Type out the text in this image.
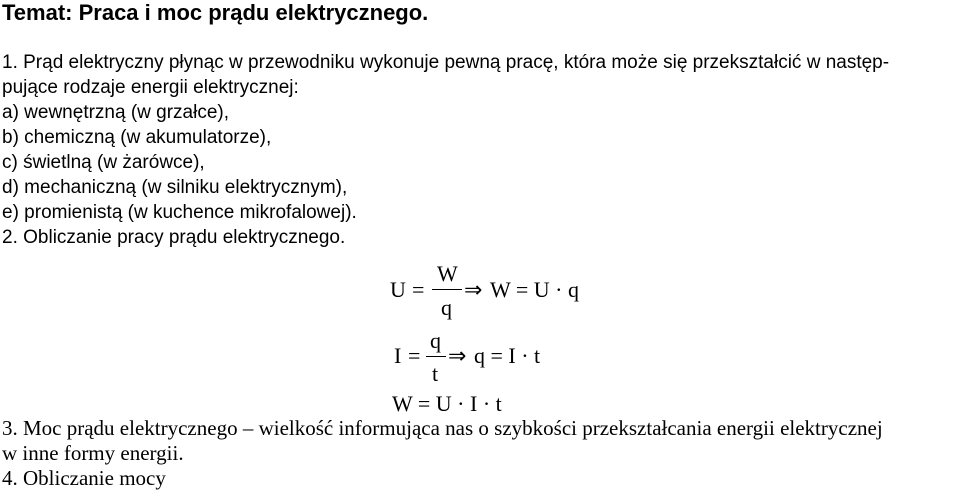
Temat: Praca i moc prądu elektrycznego.
1. Prąd elektryczny płynąc w przewodniku wykonuje pewną pracę, która może się przekształcić w następ-
pujące rodzaje energii elektrycznej:
a) wewnętrzną (w grzałce),
b) chemiczną (w akumulatorze),
c) świetlną (w żarówce),
d) mechaniczną (w silniku elektrycznym),
e) promienistą (w kuchence mikrofalowej).
2. Obliczanie pracy prądu elektrycznego.
U =
W
q
⇒ W = U · q
I =
q
t
⇒ q = I · t
W = U · I · t
3. Moc prądu elektrycznego – wielkość informująca nas o szybkości przekształcania energii elektrycznej
w inne formy energii.
4. Obliczanie mocy
